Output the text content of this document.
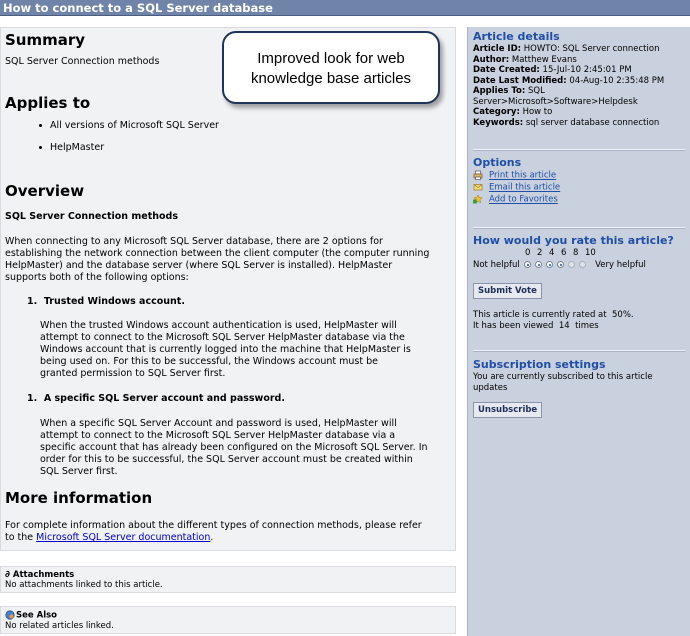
How to connect to a SQL Server database
Summary
SQL Server Connection methods
Applies to
All versions of Microsoft SQL Server
HelpMaster
Overview
SQL Server Connection methods
When connecting to any Microsoft SQL Server database, there are 2 options for
establishing the network connection between the client computer (the computer running
HelpMaster) and the database server (where SQL Server is installed). HelpMaster
supports both of the following options:
1. Trusted Windows account.
When the trusted Windows account authentication is used, HelpMaster will
attempt to connect to the Microsoft SQL Server HelpMaster database via the
Windows account that is currently logged into the machine that HelpMaster is
being used on. For this to be successful, the Windows account must be
granted permission to SQL Server first.
1. A specific SQL Server account and password.
When a specific SQL Server Account and password is used, HelpMaster will
attempt to connect to the Microsoft SQL Server HelpMaster database via a
specific account that has already been configured on the Microsoft SQL Server. In
order for this to be successful, the SQL Server account must be created within
SQL Server first.
More information
For complete information about the different types of connection methods, please refer
to the Microsoft SQL Server documentation.
Improved look for web
knowledge base articles
∂ Attachments
No attachments linked to this article.
See Also
No related articles linked.
Article details
Article ID: HOWTO: SQL Server connection
Author: Matthew Evans
Date Created: 15-Jul-10 2:45:01 PM
Date Last Modified: 04-Aug-10 2:35:48 PM
Applies To: SQL
Server>Microsoft>Software>Helpdesk
Category: How to
Keywords: sql server database connection
Options
Print this article
Email this article
Add to Favorites
How would you rate this article?
0 2 4 6 8 10
Not helpful	Very helpful
Submit Vote
This article is currently rated at 50%.
It has been viewed 14 times
Subscription settings
You are currently subscribed to this article
updates
Unsubscribe
